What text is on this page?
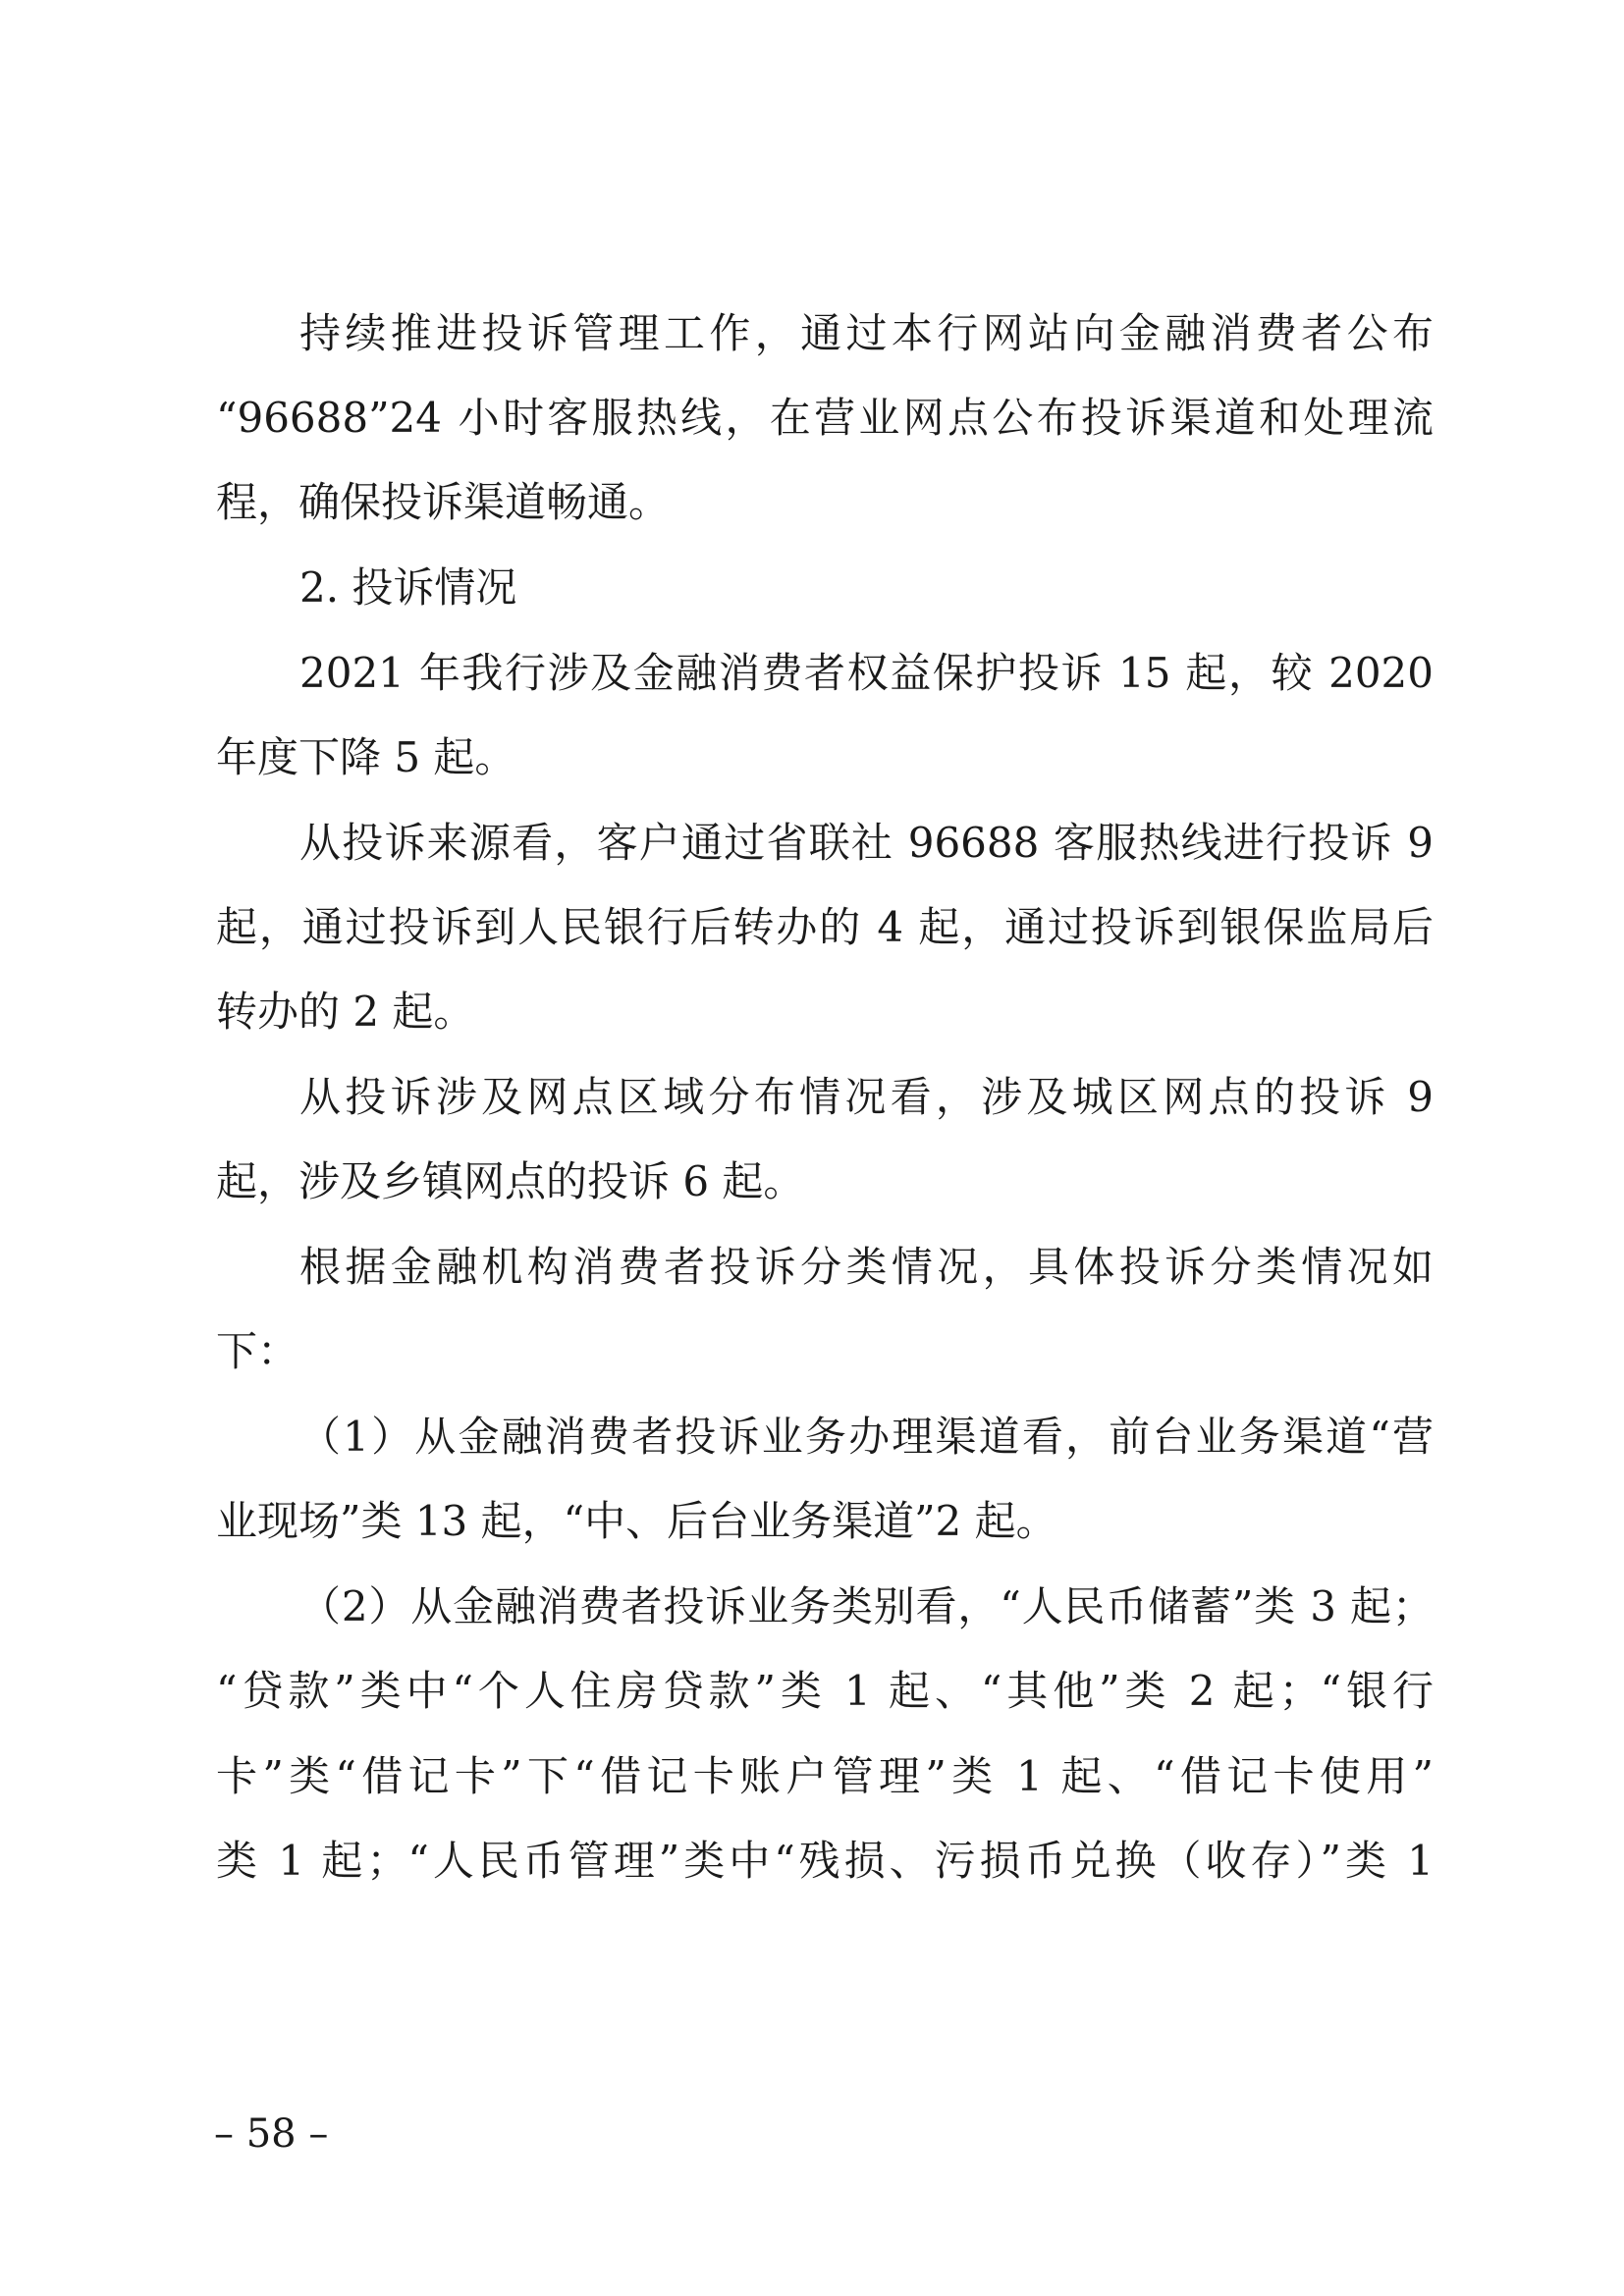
持续推进投诉管理工作，通过本行网站向金融消费者公布
“96688”24 小时客服热线，在营业网点公布投诉渠道和处理流
程，确保投诉渠道畅通。
2. 投诉情况
2021 年我行涉及金融消费者权益保护投诉 15 起，较 2020
年度下降 5 起。
从投诉来源看，客户通过省联社 96688 客服热线进行投诉 9
起，通过投诉到人民银行后转办的 4 起，通过投诉到银保监局后
转办的 2 起。
从投诉涉及网点区域分布情况看，涉及城区网点的投诉 9
起，涉及乡镇网点的投诉 6 起。
根据金融机构消费者投诉分类情况，具体投诉分类情况如
下：
（1）从金融消费者投诉业务办理渠道看，前台业务渠道“营
业现场”类 13 起，“中、后台业务渠道”2 起。
（2）从金融消费者投诉业务类别看，“人民币储蓄”类 3 起；
“贷款”类中“个人住房贷款”类 1 起、“其他”类 2 起；“银行
卡”类“借记卡”下“借记卡账户管理”类 1 起、“借记卡使用”
类 1 起；“人民币管理”类中“残损、污损币兑换（收存）”类 1
– 58 –
